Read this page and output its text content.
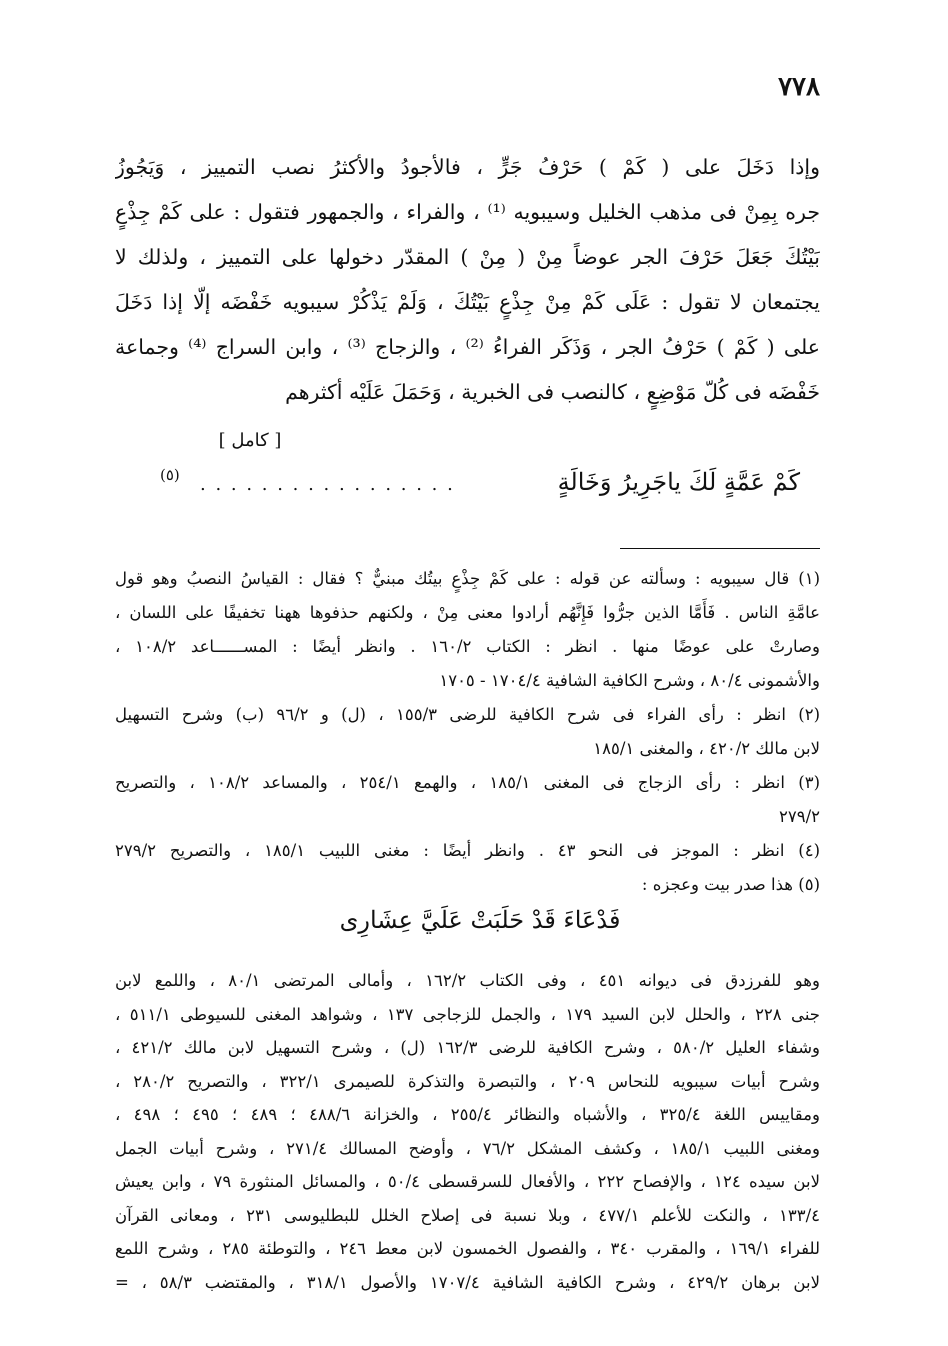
٧٧٨
وإذا دَخَلَ على ( كَمْ ) حَرْفُ جَرٍّ ، فالأجودُ والأكثرُ نصب التمييز ، وَيَجُوزُ
جره بِمِنْ فى مذهب الخليل وسيبويه ⁽¹⁾ ، والفراء ، والجمهور فتقول : على كَمْ جِذْعٍ
بَيْتُكَ جَعَلَ حَرْفَ الجر عوضاً مِنْ ( مِنْ ) المقدّر دخولها على التمييز ، ولذلك لا
يجتمعان لا تقول : عَلَى كَمْ مِنْ جِذْعٍ بَيْتُكَ ، وَلَمْ يَذْكُرْ سيبويه خَفْضَه إلّا إذا دَخَلَ
على ( كَمْ ) حَرْفُ الجر ، وَذَكَر الفراءُ ⁽²⁾ ، والزجاج ⁽³⁾ ، وابن السراج ⁽⁴⁾ وجماعة
خَفْضَه فى كُلّ مَوْضِعٍ ، كالنصب فى الخبرية ، وَحَمَلَ عَلَيْه أكثرهم
[ كامل ]
كَمْ عَمَّةٍ لَكَ ياجَرِيرُ وَخَالَةٍ
. . . . . . . . . . . . . . . . .
(٥)
(١) قال سيبويه : وسألته عن قوله : على كَمْ جِذْعٍ بيتُك مبنيٌّ ؟ فقال : القياسُ النصبُ وهو قول
عامَّةِ الناس . فَأَمَّا الذين جرُّوا فَإِنَّهُم أرادوا معنى مِنْ ، ولكنهم حذفوها ههنا تخفيفًا على اللسان ،
وصارتْ على عوضًا منها . انظر : الكتاب ١٦٠/٢ . وانظر أيضًا : المســــــاعد ١٠٨/٢ ،
والأشمونى ٨٠/٤ ، وشرح الكافية الشافية ١٧٠٤/٤ - ١٧٠٥
(٢) انظر : رأى الفراء فى شرح الكافية للرضى ١٥٥/٣ ، (ل) و ٩٦/٢ (ب) وشرح التسهيل
لابن مالك ٤٢٠/٢ ، والمغنى ١٨٥/١
(٣) انظر : رأى الزجاج فى المغنى ١٨٥/١ ، والهمع ٢٥٤/١ ، والمساعد ١٠٨/٢ ، والتصريح
٢٧٩/٢
(٤) انظر : الموجز فى النحو ٤٣ . وانظر أيضًا : مغنى اللبيب ١٨٥/١ ، والتصريح ٢٧٩/٢
(٥) هذا صدر بيت وعجزه :
فَدْعَاءَ قَدْ حَلَبَتْ عَلَيَّ عِشَارِى
وهو للفرزدق فى ديوانه ٤٥١ ، وفى الكتاب ١٦٢/٢ ، وأمالى المرتضى ٨٠/١ ، واللمع لابن
جنى ٢٢٨ ، والحلل لابن السيد ١٧٩ ، والجمل للزجاجى ١٣٧ ، وشواهد المغنى للسيوطى ٥١١/١ ،
وشفاء العليل ٥٨٠/٢ ، وشرح الكافية للرضى ١٦٢/٣ (ل) ، وشرح التسهيل لابن مالك ٤٢١/٢ ،
وشرح أبيات سيبويه للنحاس ٢٠٩ ، والتبصرة والتذكرة للصيمرى ٣٢٢/١ ، والتصريح ٢٨٠/٢ ،
ومقاييس اللغة ٣٢٥/٤ ، والأشباه والنظائر ٢٥٥/٤ ، والخزانة ٤٨٨/٦ ؛ ٤٨٩ ؛ ٤٩٥ ؛ ٤٩٨ ،
ومغنى اللبيب ١٨٥/١ ، وكشف المشكل ٧٦/٢ ، وأوضح المسالك ٢٧١/٤ ، وشرح أبيات الجمل
لابن سيده ١٢٤ ، والإفصاح ٢٢٢ ، والأفعال للسرقسطى ٥٠/٤ ، والمسائل المنثورة ٧٩ ، وابن يعيش
١٣٣/٤ ، والنكت للأعلم ٤٧٧/١ ، وبلا نسبة فى إصلاح الخلل للبطليوسى ٢٣١ ، ومعانى القرآن
للفراء ١٦٩/١ ، والمقرب ٣٤٠ ، والفصول الخمسون لابن معط ٢٤٦ ، والتوطئة ٢٨٥ ، وشرح اللمع
لابن برهان ٤٢٩/٢ ، وشرح الكافية الشافية ١٧٠٧/٤ والأصول ٣١٨/١ ، والمقتضب ٥٨/٣ ، =
